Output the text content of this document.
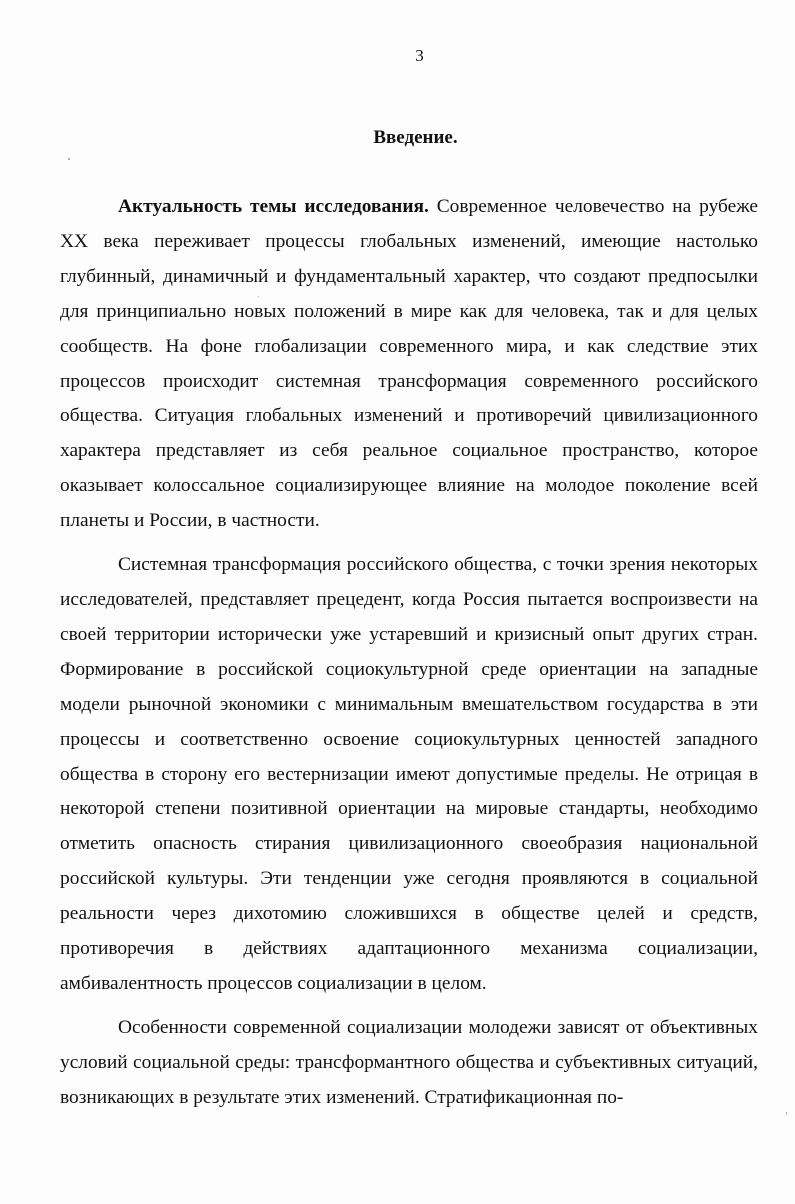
3
Введение.

Актуальность темы исследования. Современное человечество на рубеже XX века переживает процессы глобальных изменений, имеющие настолько глубинный, динамичный и фундаментальный характер, что создают предпосылки для принципиально новых положений в мире как для человека, так и для целых сообществ. На фоне глобализации современного мира, и как следствие этих процессов происходит системная трансформация современного российского общества. Ситуация глобальных изменений и противоречий цивилизационного характера представляет из себя реальное социальное пространство, которое оказывает колоссальное социализирующее влияние на молодое поколение всей планеты и России, в частности.

Системная трансформация российского общества, с точки зрения некоторых исследователей, представляет прецедент, когда Россия пытается воспроизвести на своей территории исторически уже устаревший и кризисный опыт других стран. Формирование в российской социокультурной среде ориентации на западные модели рыночной экономики с минимальным вмешательством государства в эти процессы и соответственно освоение социокультурных ценностей западного общества в сторону его вестернизации имеют допустимые пределы. Не отрицая в некоторой степени позитивной ориентации на мировые стандарты, необходимо отметить опасность стирания цивилизационного своеобразия национальной российской культуры. Эти тенденции уже сегодня проявляются в социальной реальности через дихотомию сложившихся в обществе целей и средств, противоречия в действиях адаптационного механизма социализации, амбивалентность процессов социализации в целом.

Особенности современной социализации молодежи зависят от объективных условий социальной среды: трансформантного общества и субъективных ситуаций, возникающих в результате этих изменений. Стратификационная по-
